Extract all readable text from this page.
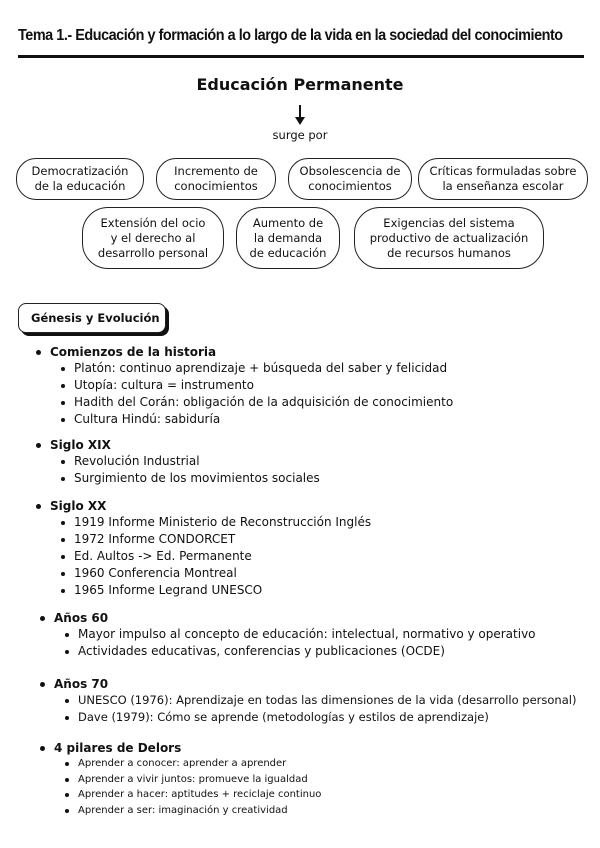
Tema 1.- Educación y formación a lo largo de la vida en la sociedad del conocimiento
Educación Permanente
surge por
Democratización
de la educación
Incremento de
conocimientos
Obsolescencia de
conocimientos
Críticas formuladas sobre
la enseñanza escolar
Extensión del ocio
y el derecho al
desarrollo personal
Aumento de
la demanda
de educación
Exigencias del sistema
productivo de actualización
de recursos humanos
Génesis y Evolución
Comienzos de la historia
Platón: continuo aprendizaje + búsqueda del saber y felicidad
Utopía: cultura = instrumento
Hadith del Corán: obligación de la adquisición de conocimiento
Cultura Hindú: sabiduría
Siglo XIX
Revolución Industrial
Surgimiento de los movimientos sociales
Siglo XX
1919 Informe Ministerio de Reconstrucción Inglés
1972 Informe CONDORCET
Ed. Aultos -> Ed. Permanente
1960 Conferencia Montreal
1965 Informe Legrand UNESCO
Años 60
Mayor impulso al concepto de educación: intelectual, normativo y operativo
Actividades educativas, conferencias y publicaciones (OCDE)
Años 70
UNESCO (1976): Aprendizaje en todas las dimensiones de la vida (desarrollo personal)
Dave (1979): Cómo se aprende (metodologías y estilos de aprendizaje)
4 pilares de Delors
Aprender a conocer: aprender a aprender
Aprender a vivir juntos: promueve la igualdad
Aprender a hacer: aptitudes + reciclaje continuo
Aprender a ser: imaginación y creatividad
